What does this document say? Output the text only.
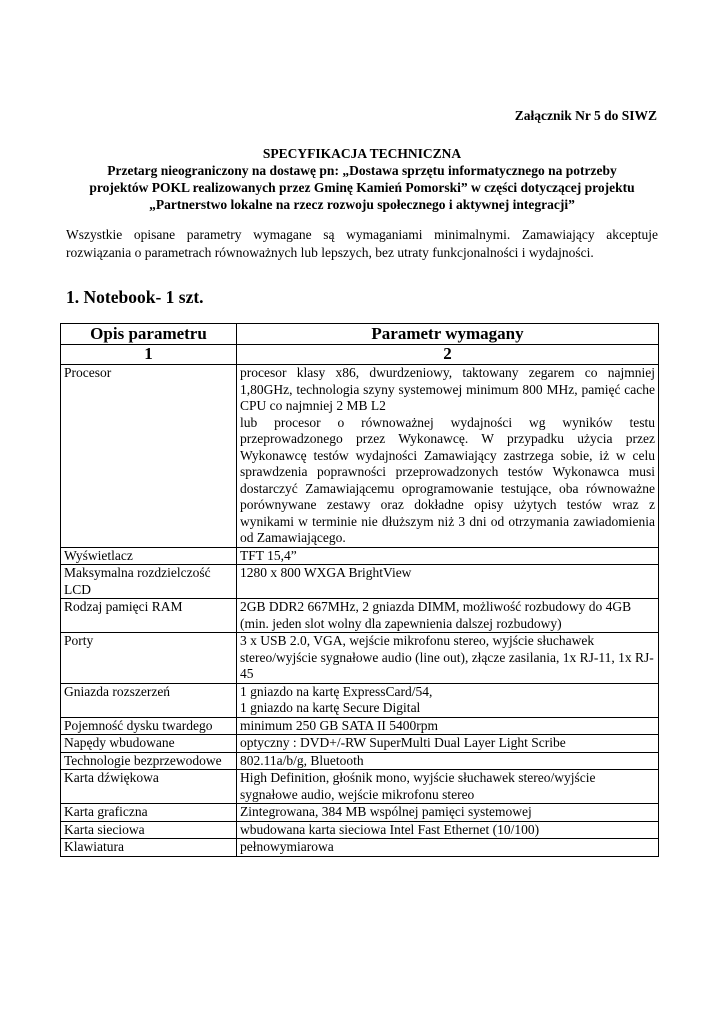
Załącznik Nr 5 do SIWZ
SPECYFIKACJA TECHNICZNA
Przetarg nieograniczony na dostawę pn: „Dostawa sprzętu informatycznego na potrzeby
projektów POKL realizowanych przez Gminę Kamień Pomorski” w części dotyczącej projektu
„Partnerstwo lokalne na rzecz rozwoju społecznego i aktywnej integracji”
Wszystkie opisane parametry wymagane są wymaganiami minimalnymi. Zamawiający akceptuje rozwiązania o parametrach równoważnych lub lepszych, bez utraty funkcjonalności i wydajności.
1. Notebook- 1 szt.
Opis parametru	Parametr wymagany
1	2
Procesor	procesor klasy x86, dwurdzeniowy, taktowany zegarem co najmniej 1,80GHz, technologia szyny systemowej minimum 800 MHz, pamięć cache CPU co najmniej 2 MB L2
lub procesor o równoważnej wydajności wg wyników testu przeprowadzonego przez Wykonawcę. W przypadku użycia przez Wykonawcę testów wydajności Zamawiający zastrzega sobie, iż w celu sprawdzenia poprawności przeprowadzonych testów Wykonawca musi dostarczyć Zamawiającemu oprogramowanie testujące, oba równoważne porównywane zestawy oraz dokładne opisy użytych testów wraz z wynikami w terminie nie dłuższym niż 3 dni od otrzymania zawiadomienia od Zamawiającego.
Wyświetlacz	TFT 15,4”
Maksymalna rozdzielczość LCD	1280 x 800 WXGA BrightView
Rodzaj pamięci RAM	2GB DDR2 667MHz, 2 gniazda DIMM, możliwość rozbudowy do 4GB (min. jeden slot wolny dla zapewnienia dalszej rozbudowy)
Porty	3 x USB 2.0, VGA, wejście mikrofonu stereo, wyjście słuchawek stereo/wyjście sygnałowe audio (line out), złącze zasilania, 1x RJ-11, 1x RJ-45
Gniazda rozszerzeń	1 gniazdo na kartę ExpressCard/54,
1 gniazdo na kartę Secure Digital
Pojemność dysku twardego	minimum 250 GB SATA II 5400rpm
Napędy wbudowane	optyczny : DVD+/-RW SuperMulti Dual Layer Light Scribe
Technologie bezprzewodowe	802.11a/b/g, Bluetooth
Karta dźwiękowa	High Definition, głośnik mono, wyjście słuchawek stereo/wyjście sygnałowe audio, wejście mikrofonu stereo
Karta graficzna	Zintegrowana, 384 MB wspólnej pamięci systemowej
Karta sieciowa	wbudowana karta sieciowa Intel Fast Ethernet (10/100)
Klawiatura	pełnowymiarowa
